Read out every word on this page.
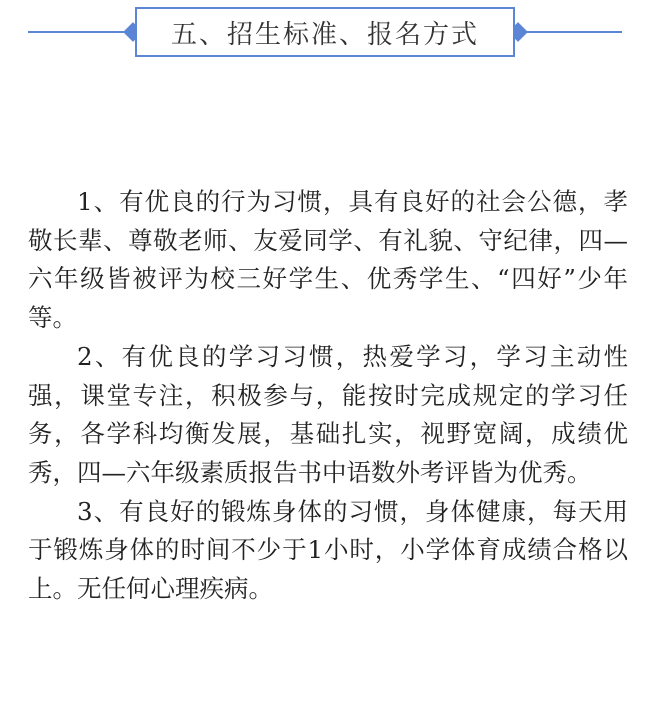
五、招生标准、报名方式

1、有优良的行为习惯，具有良好的社会公德，孝敬长辈、尊敬老师、友爱同学、有礼貌、守纪律，四—六年级皆被评为校三好学生、优秀学生、“四好”少年等。

2、有优良的学习习惯，热爱学习，学习主动性强，课堂专注，积极参与，能按时完成规定的学习任务，各学科均衡发展，基础扎实，视野宽阔，成绩优秀，四—六年级素质报告书中语数外考评皆为优秀。

3、有良好的锻炼身体的习惯，身体健康，每天用于锻炼身体的时间不少于1小时，小学体育成绩合格以上。无任何心理疾病。
